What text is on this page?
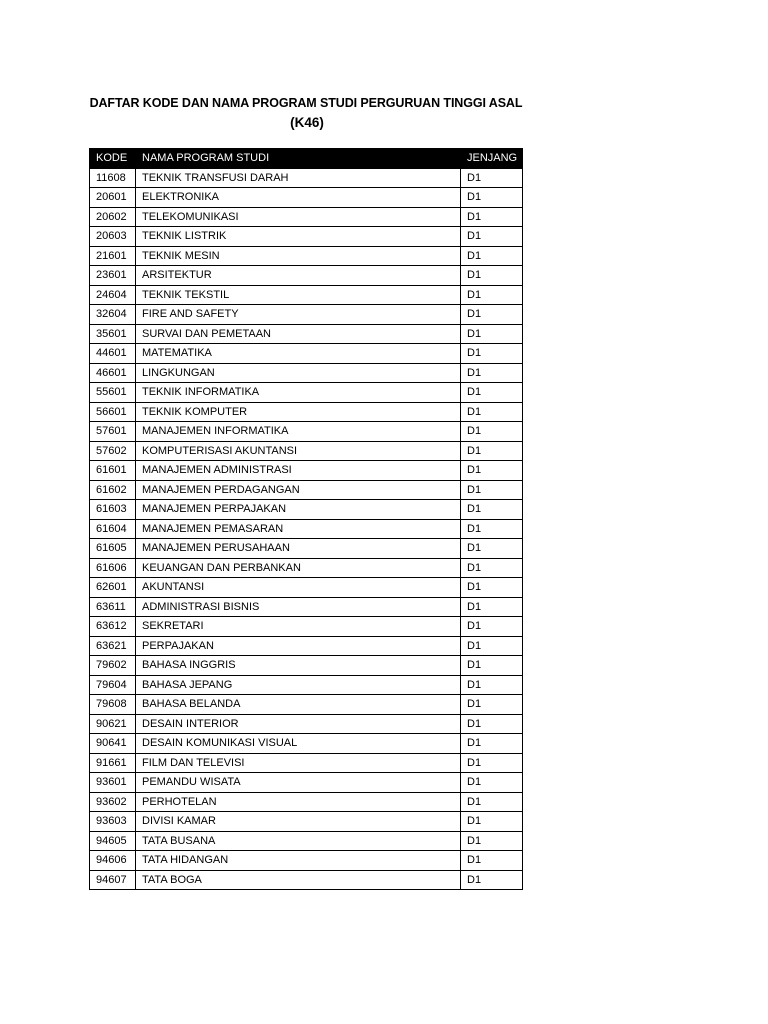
DAFTAR KODE DAN NAMA PROGRAM STUDI PERGURUAN TINGGI ASAL
(K46)
KODE	NAMA PROGRAM STUDI	JENJANG
11608	TEKNIK TRANSFUSI DARAH	D1
20601	ELEKTRONIKA	D1
20602	TELEKOMUNIKASI	D1
20603	TEKNIK LISTRIK	D1
21601	TEKNIK MESIN	D1
23601	ARSITEKTUR	D1
24604	TEKNIK TEKSTIL	D1
32604	FIRE AND SAFETY	D1
35601	SURVAI DAN PEMETAAN	D1
44601	MATEMATIKA	D1
46601	LINGKUNGAN	D1
55601	TEKNIK INFORMATIKA	D1
56601	TEKNIK KOMPUTER	D1
57601	MANAJEMEN INFORMATIKA	D1
57602	KOMPUTERISASI AKUNTANSI	D1
61601	MANAJEMEN ADMINISTRASI	D1
61602	MANAJEMEN PERDAGANGAN	D1
61603	MANAJEMEN PERPAJAKAN	D1
61604	MANAJEMEN PEMASARAN	D1
61605	MANAJEMEN PERUSAHAAN	D1
61606	KEUANGAN DAN PERBANKAN	D1
62601	AKUNTANSI	D1
63611	ADMINISTRASI BISNIS	D1
63612	SEKRETARI	D1
63621	PERPAJAKAN	D1
79602	BAHASA INGGRIS	D1
79604	BAHASA JEPANG	D1
79608	BAHASA BELANDA	D1
90621	DESAIN INTERIOR	D1
90641	DESAIN KOMUNIKASI VISUAL	D1
91661	FILM DAN TELEVISI	D1
93601	PEMANDU WISATA	D1
93602	PERHOTELAN	D1
93603	DIVISI KAMAR	D1
94605	TATA BUSANA	D1
94606	TATA HIDANGAN	D1
94607	TATA BOGA	D1
